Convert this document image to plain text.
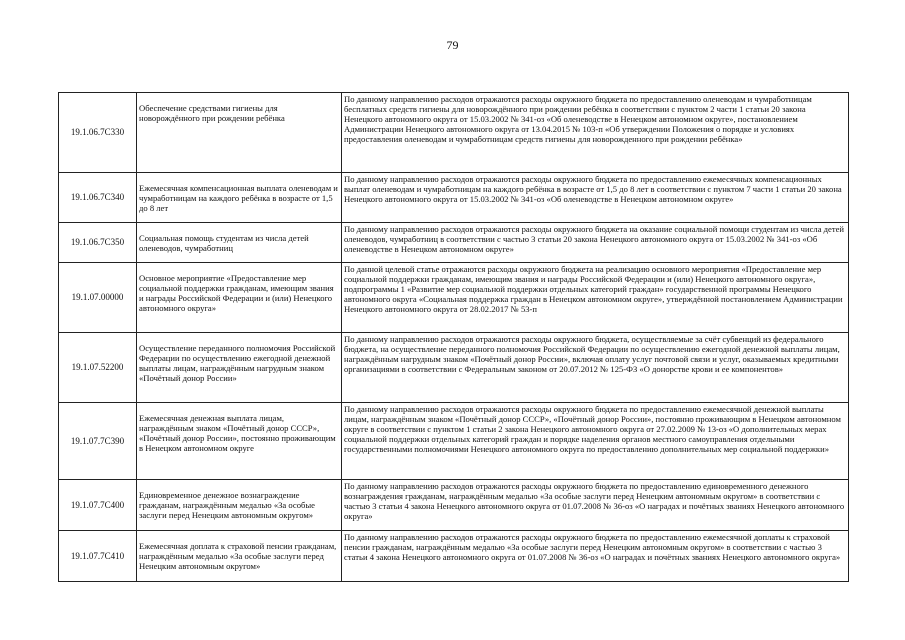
79
19.1.06.7С330	Обеспечение средствами гигиены для новорождённого при рождении ребёнка	По данному направлению расходов отражаются расходы окружного бюджета по предоставлению оленеводам и чумработницам бесплатных средств гигиены для новорождённого при рождении ребёнка в соответствии с пунктом 2 части 1 статьи 20 закона Ненецкого автономного округа от 15.03.2002 № 341-оз «Об оленеводстве в Ненецком автономном округе», постановлением Администрации Ненецкого автономного округа от 13.04.2015 № 103-п «Об утверждении Положения о порядке и условиях предоставления оленеводам и чумработницам средств гигиены для новорожденного при рождении ребёнка»
19.1.06.7С340	Ежемесячная компенсационная выплата оленеводам и чумработницам на каждого ребёнка в возрасте от 1,5 до 8 лет	По данному направлению расходов отражаются расходы окружного бюджета по предоставлению ежемесячных компенсационных выплат оленеводам и чумработницам на каждого ребёнка в возрасте от 1,5 до 8 лет в соответствии с пунктом 7 части 1 статьи 20 закона Ненецкого автономного округа от 15.03.2002 № 341-оз «Об оленеводстве в Ненецком автономном округе»
19.1.06.7С350	Социальная помощь студентам из числа детей оленеводов, чумработниц	По данному направлению расходов отражаются расходы окружного бюджета на оказание социальной помощи студентам из числа детей оленеводов, чумработниц в соответствии с частью 3 статьи 20 закона Ненецкого автономного округа от 15.03.2002 № 341-оз «Об оленеводстве в Ненецком автономном округе»
19.1.07.00000	Основное мероприятие «Предоставление мер социальной поддержки гражданам, имеющим звания и награды Российской Федерации и (или) Ненецкого автономного округа»	По данной целевой статье отражаются расходы окружного бюджета на реализацию основного мероприятия «Предоставление мер социальной поддержки гражданам, имеющим звания и награды Российской Федерации и (или) Ненецкого автономного округа», подпрограммы 1 «Развитие мер социальной поддержки отдельных категорий граждан» государственной программы Ненецкого автономного округа «Социальная поддержка граждан в Ненецком автономном округе», утверждённой постановлением Администрации Ненецкого автономного округа от 28.02.2017 № 53-п
19.1.07.52200	Осуществление переданного полномочия Российской Федерации по осуществлению ежегодной денежной выплаты лицам, награждённым нагрудным знаком «Почётный донор России»	По данному направлению расходов отражаются расходы окружного бюджета, осуществляемые за счёт субвенций из федерального бюджета, на осуществление переданного полномочия Российской Федерации по осуществлению ежегодной денежной выплаты лицам, награждённым нагрудным знаком «Почётный донор России», включая оплату услуг почтовой связи и услуг, оказываемых кредитными организациями в соответствии с Федеральным законом от 20.07.2012 № 125-ФЗ «О донорстве крови и ее компонентов»
19.1.07.7С390	Ежемесячная денежная выплата лицам, награждённым знаком «Почётный донор СССР», «Почётный донор России», постоянно проживающим в Ненецком автономном округе	По данному направлению расходов отражаются расходы окружного бюджета по предоставлению ежемесячной денежной выплаты лицам, награждённым знаком «Почётный донор СССР», «Почётный донор России», постоянно проживающим в Ненецком автономном округе в соответствии с пунктом 1 статьи 2 закона Ненецкого автономного округа от 27.02.2009 № 13-оз «О дополнительных мерах социальной поддержки отдельных категорий граждан и порядке наделения органов местного самоуправления отдельными государственными полномочиями Ненецкого автономного округа по предоставлению дополнительных мер социальной поддержки»
19.1.07.7С400	Единовременное денежное вознаграждение гражданам, награждённым медалью «За особые заслуги перед Ненецким автономным округом»	По данному направлению расходов отражаются расходы окружного бюджета по предоставлению единовременного денежного вознаграждения гражданам, награждённым медалью «За особые заслуги перед Ненецким автономным округом» в соответствии с частью 3 статьи 4 закона Ненецкого автономного округа от 01.07.2008 № 36-оз «О наградах и почётных званиях Ненецкого автономного округа»
19.1.07.7С410	Ежемесячная доплата к страховой пенсии гражданам, награждённым медалью «За особые заслуги перед Ненецким автономным округом»	По данному направлению расходов отражаются расходы окружного бюджета по предоставлению ежемесячной доплаты к страховой пенсии гражданам, награждённым медалью «За особые заслуги перед Ненецким автономным округом» в соответствии с частью 3 статьи 4 закона Ненецкого автономного округа от 01.07.2008 № 36-оз «О наградах и почётных званиях Ненецкого автономного округа»
